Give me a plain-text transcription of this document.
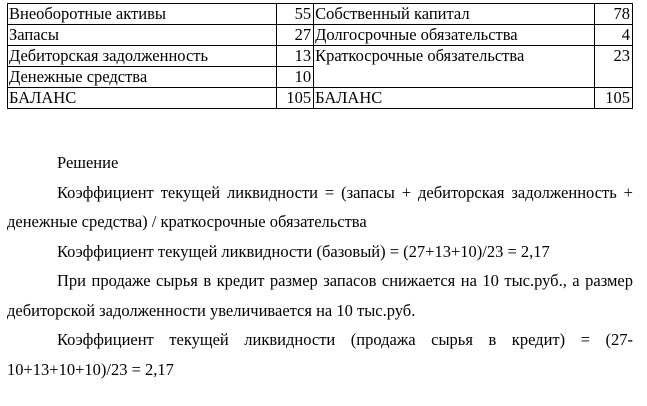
Внеоборотные активы	55	Собственный капитал	78
Запасы	27	Долгосрочные обязательства	4
Дебиторская задолженность	13	Краткосрочные обязательства	23
Денежные средства	10		
БАЛАНС	105	БАЛАНС	105

Решение

Коэффициент текущей ликвидности = (запасы + дебиторская задолженность + денежные средства) / краткосрочные обязательства

Коэффициент текущей ликвидности (базовый) = (27+13+10)/23 = 2,17

При продаже сырья в кредит размер запасов снижается на 10 тыс.руб., а размер дебиторской задолженности увеличивается на 10 тыс.руб.

Коэффициент текущей ликвидности (продажа сырья в кредит) = (27-10+13+10+10)/23 = 2,17
